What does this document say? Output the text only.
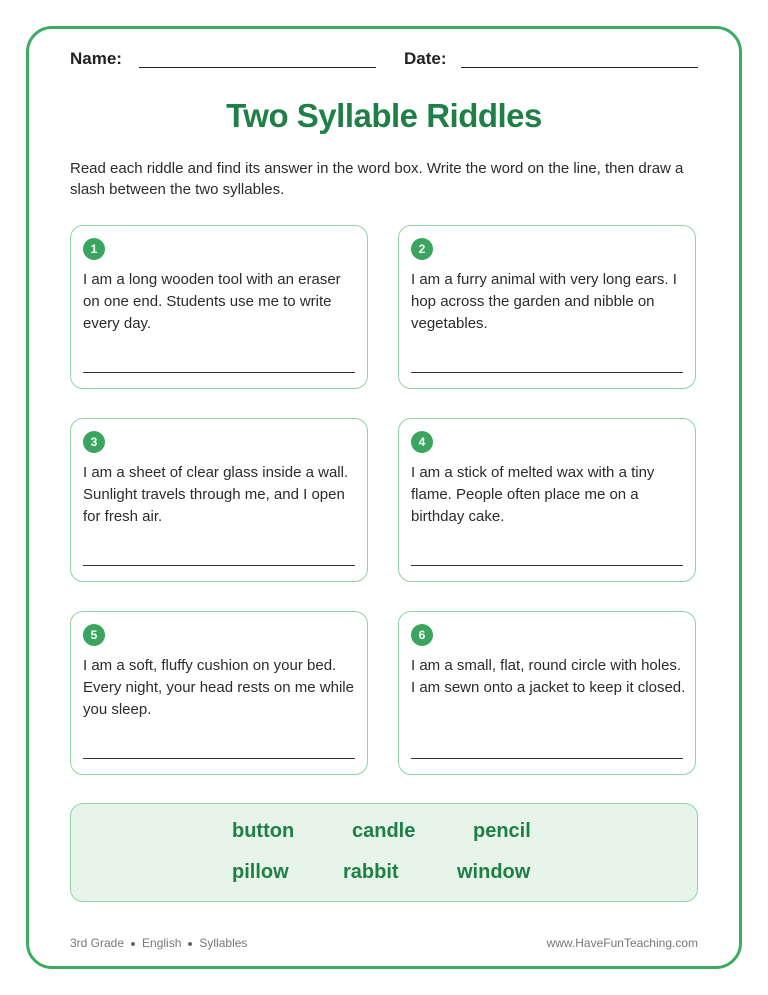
Name:	Date:
Two Syllable Riddles
Read each riddle and find its answer in the word box. Write the word on the line, then draw a slash between the two syllables.
1
I am a long wooden tool with an eraser on one end. Students use me to write every day.
2
I am a furry animal with very long ears. I hop across the garden and nibble on vegetables.
3
I am a sheet of clear glass inside a wall. Sunlight travels through me, and I open for fresh air.
4
I am a stick of melted wax with a tiny flame. People often place me on a birthday cake.
5
I am a soft, fluffy cushion on your bed. Every night, your head rests on me while you sleep.
6
I am a small, flat, round circle with holes. I am sewn onto a jacket to keep it closed.
button	candle	pencil
pillow	rabbit	window
3rd Grade English Syllables	www.HaveFunTeaching.com
